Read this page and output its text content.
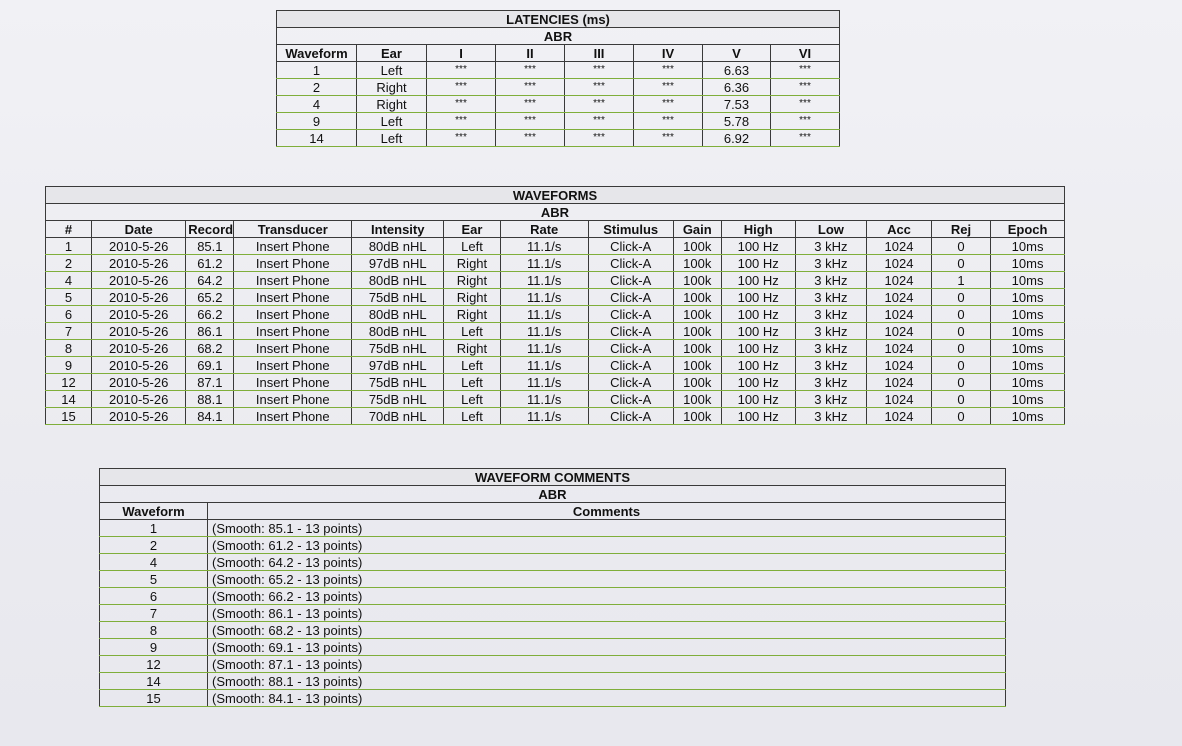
LATENCIES (ms)							
ABR							
Waveform	Ear	I	II	III	IV	V	VI
1	Left	***	***	***	***	6.63	***
2	Right	***	***	***	***	6.36	***
4	Right	***	***	***	***	7.53	***
9	Left	***	***	***	***	5.78	***
14	Left	***	***	***	***	6.92	***
WAVEFORMS													
ABR													
#	Date	Record	Transducer	Intensity	Ear	Rate	Stimulus	Gain	High	Low	Acc	Rej	Epoch
1	2010-5-26	85.1	Insert Phone	80dB nHL	Left	11.1/s	Click-A	100k	100 Hz	3 kHz	1024	0	10ms
2	2010-5-26	61.2	Insert Phone	97dB nHL	Right	11.1/s	Click-A	100k	100 Hz	3 kHz	1024	0	10ms
4	2010-5-26	64.2	Insert Phone	80dB nHL	Right	11.1/s	Click-A	100k	100 Hz	3 kHz	1024	1	10ms
5	2010-5-26	65.2	Insert Phone	75dB nHL	Right	11.1/s	Click-A	100k	100 Hz	3 kHz	1024	0	10ms
6	2010-5-26	66.2	Insert Phone	80dB nHL	Right	11.1/s	Click-A	100k	100 Hz	3 kHz	1024	0	10ms
7	2010-5-26	86.1	Insert Phone	80dB nHL	Left	11.1/s	Click-A	100k	100 Hz	3 kHz	1024	0	10ms
8	2010-5-26	68.2	Insert Phone	75dB nHL	Right	11.1/s	Click-A	100k	100 Hz	3 kHz	1024	0	10ms
9	2010-5-26	69.1	Insert Phone	97dB nHL	Left	11.1/s	Click-A	100k	100 Hz	3 kHz	1024	0	10ms
12	2010-5-26	87.1	Insert Phone	75dB nHL	Left	11.1/s	Click-A	100k	100 Hz	3 kHz	1024	0	10ms
14	2010-5-26	88.1	Insert Phone	75dB nHL	Left	11.1/s	Click-A	100k	100 Hz	3 kHz	1024	0	10ms
15	2010-5-26	84.1	Insert Phone	70dB nHL	Left	11.1/s	Click-A	100k	100 Hz	3 kHz	1024	0	10ms
WAVEFORM COMMENTS	
ABR	
Waveform	Comments
1	(Smooth: 85.1 - 13 points)
2	(Smooth: 61.2 - 13 points)
4	(Smooth: 64.2 - 13 points)
5	(Smooth: 65.2 - 13 points)
6	(Smooth: 66.2 - 13 points)
7	(Smooth: 86.1 - 13 points)
8	(Smooth: 68.2 - 13 points)
9	(Smooth: 69.1 - 13 points)
12	(Smooth: 87.1 - 13 points)
14	(Smooth: 88.1 - 13 points)
15	(Smooth: 84.1 - 13 points)
